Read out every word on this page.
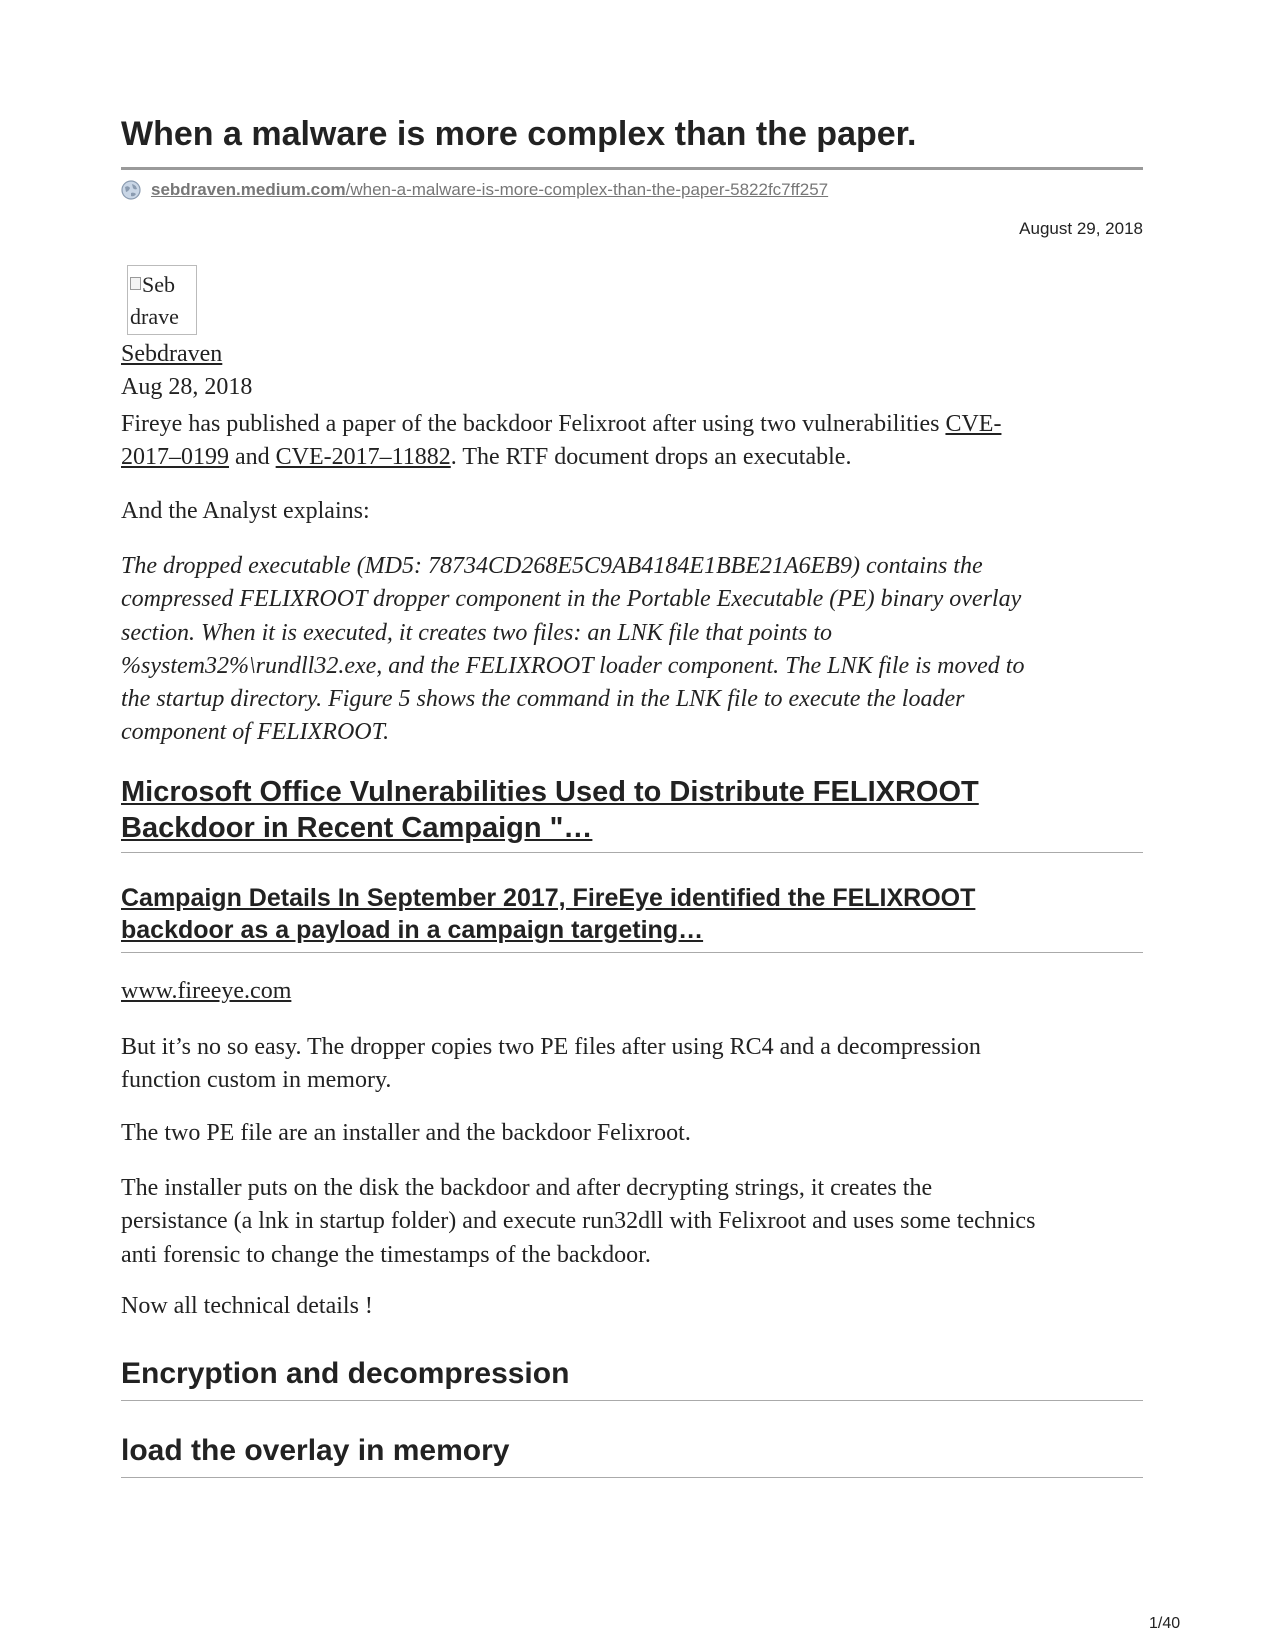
When a malware is more complex than the paper.
sebdraven.medium.com/when-a-malware-is-more-complex-than-the-paper-5822fc7ff257
August 29, 2018
Seb
drave
Sebdraven
Aug 28, 2018

Fireye has published a paper of the backdoor Felixroot after using two vulnerabilities CVE-
2017–0199 and CVE-2017–11882. The RTF document drops an executable.

And the Analyst explains:

The dropped executable (MD5: 78734CD268E5C9AB4184E1BBE21A6EB9) contains the
compressed FELIXROOT dropper component in the Portable Executable (PE) binary overlay
section. When it is executed, it creates two files: an LNK file that points to
%system32%\rundll32.exe, and the FELIXROOT loader component. The LNK file is moved to
the startup directory. Figure 5 shows the command in the LNK file to execute the loader
component of FELIXROOT.

Microsoft Office Vulnerabilities Used to Distribute FELIXROOT
Backdoor in Recent Campaign "…
Campaign Details In September 2017, FireEye identified the FELIXROOT
backdoor as a payload in a campaign targeting…

www.fireeye.com

But it’s no so easy. The dropper copies two PE files after using RC4 and a decompression
function custom in memory.

The two PE file are an installer and the backdoor Felixroot.

The installer puts on the disk the backdoor and after decrypting strings, it creates the
persistance (a lnk in startup folder) and execute run32dll with Felixroot and uses some technics
anti forensic to change the timestamps of the backdoor.

Now all technical details !

Encryption and decompression
load the overlay in memory
1/40
